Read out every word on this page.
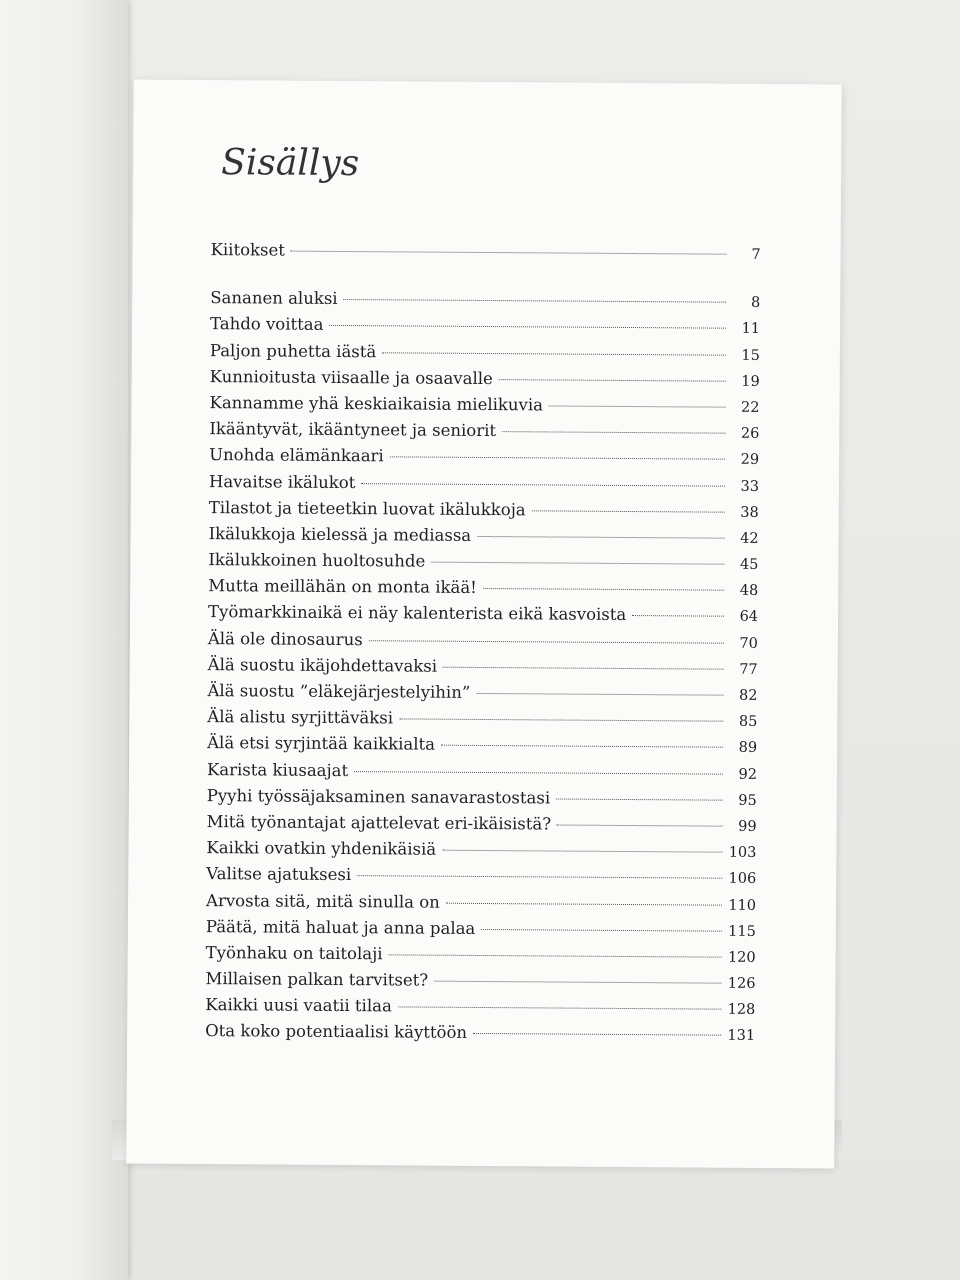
Sisällys
Kiitokset	7
Sananen aluksi	8
Tahdo voittaa	11
Paljon puhetta iästä	15
Kunnioitusta viisaalle ja osaavalle	19
Kannamme yhä keskiaikaisia mielikuvia	22
Ikääntyvät, ikääntyneet ja seniorit	26
Unohda elämänkaari	29
Havaitse ikälukot	33
Tilastot ja tieteetkin luovat ikälukkoja	38
Ikälukkoja kielessä ja mediassa	42
Ikälukkoinen huoltosuhde	45
Mutta meillähän on monta ikää!	48
Työmarkkinaikä ei näy kalenterista eikä kasvoista	64
Älä ole dinosaurus	70
Älä suostu ikäjohdettavaksi	77
Älä suostu ”eläkejärjestelyihin”	82
Älä alistu syrjittäväksi	85
Älä etsi syrjintää kaikkialta	89
Karista kiusaajat	92
Pyyhi työssäjaksaminen sanavarastostasi	95
Mitä työnantajat ajattelevat eri-ikäisistä?	99
Kaikki ovatkin yhdenikäisiä	103
Valitse ajatuksesi	106
Arvosta sitä, mitä sinulla on	110
Päätä, mitä haluat ja anna palaa	115
Työnhaku on taitolaji	120
Millaisen palkan tarvitset?	126
Kaikki uusi vaatii tilaa	128
Ota koko potentiaalisi käyttöön	131
